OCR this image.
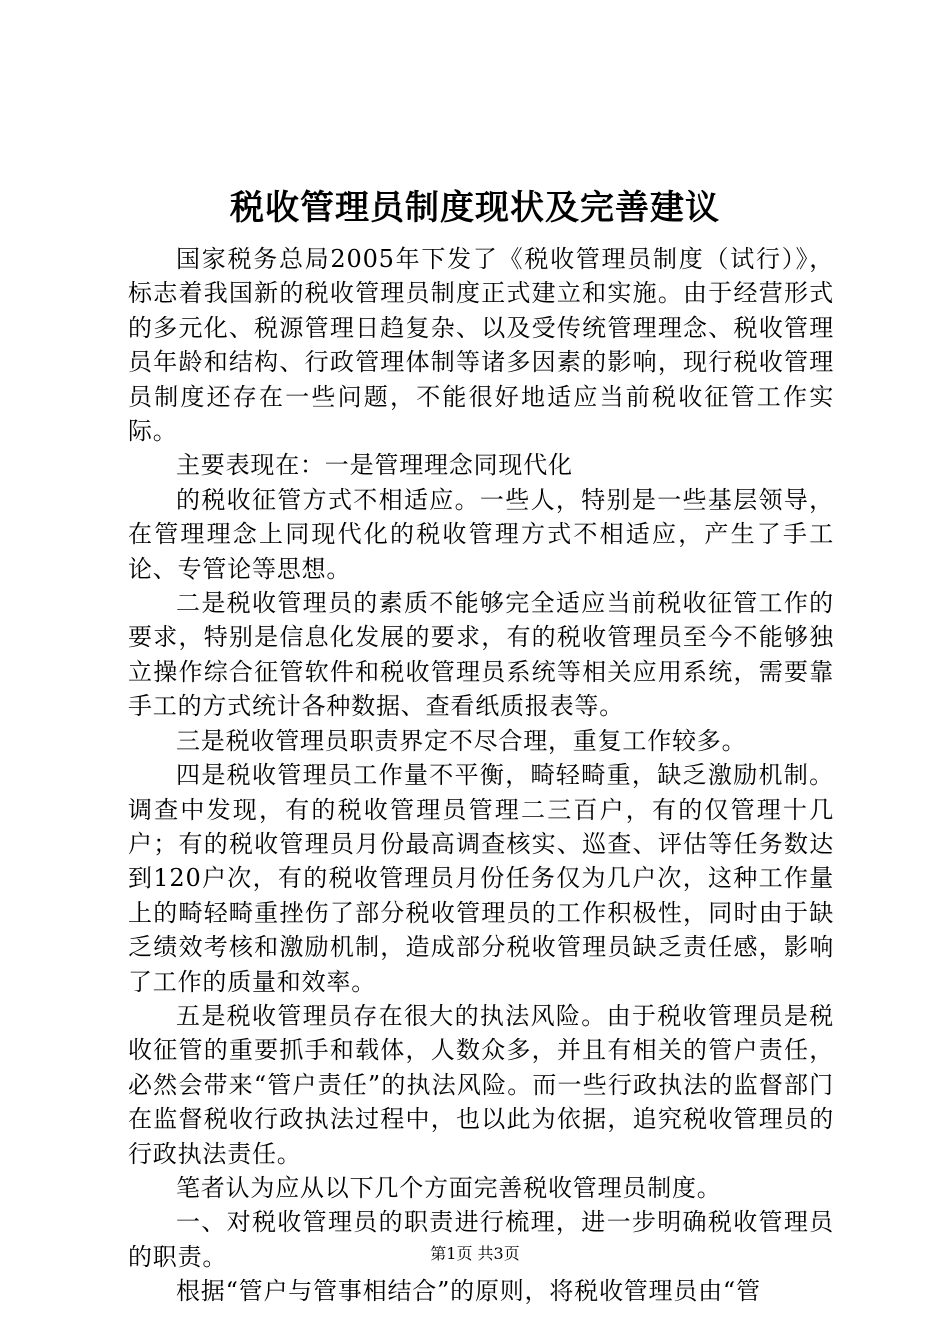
税收管理员制度现状及完善建议

国家税务总局2005年下发了《税收管理员制度（试行）》，标志着我国新的税收管理员制度正式建立和实施。由于经营形式的多元化、税源管理日趋复杂、以及受传统管理理念、税收管理员年龄和结构、行政管理体制等诸多因素的影响，现行税收管理员制度还存在一些问题，不能很好地适应当前税收征管工作实际。

主要表现在：一是管理理念同现代化

的税收征管方式不相适应。一些人，特别是一些基层领导，在管理理念上同现代化的税收管理方式不相适应，产生了手工论、专管论等思想。

二是税收管理员的素质不能够完全适应当前税收征管工作的要求，特别是信息化发展的要求，有的税收管理员至今不能够独立操作综合征管软件和税收管理员系统等相关应用系统，需要靠手工的方式统计各种数据、查看纸质报表等。

三是税收管理员职责界定不尽合理，重复工作较多。

四是税收管理员工作量不平衡，畸轻畸重，缺乏激励机制。调查中发现，有的税收管理员管理二三百户，有的仅管理十几户；有的税收管理员月份最高调查核实、巡查、评估等任务数达到120户次，有的税收管理员月份任务仅为几户次，这种工作量上的畸轻畸重挫伤了部分税收管理员的工作积极性，同时由于缺乏绩效考核和激励机制，造成部分税收管理员缺乏责任感，影响了工作的质量和效率。

五是税收管理员存在很大的执法风险。由于税收管理员是税收征管的重要抓手和载体，人数众多，并且有相关的管户责任，必然会带来“管户责任”的执法风险。而一些行政执法的监督部门在监督税收行政执法过程中，也以此为依据，追究税收管理员的行政执法责任。

笔者认为应从以下几个方面完善税收管理员制度。

一、对税收管理员的职责进行梳理，进一步明确税收管理员的职责。

根据“管户与管事相结合”的原则，将税收管理员由“管

第1页 共3页
